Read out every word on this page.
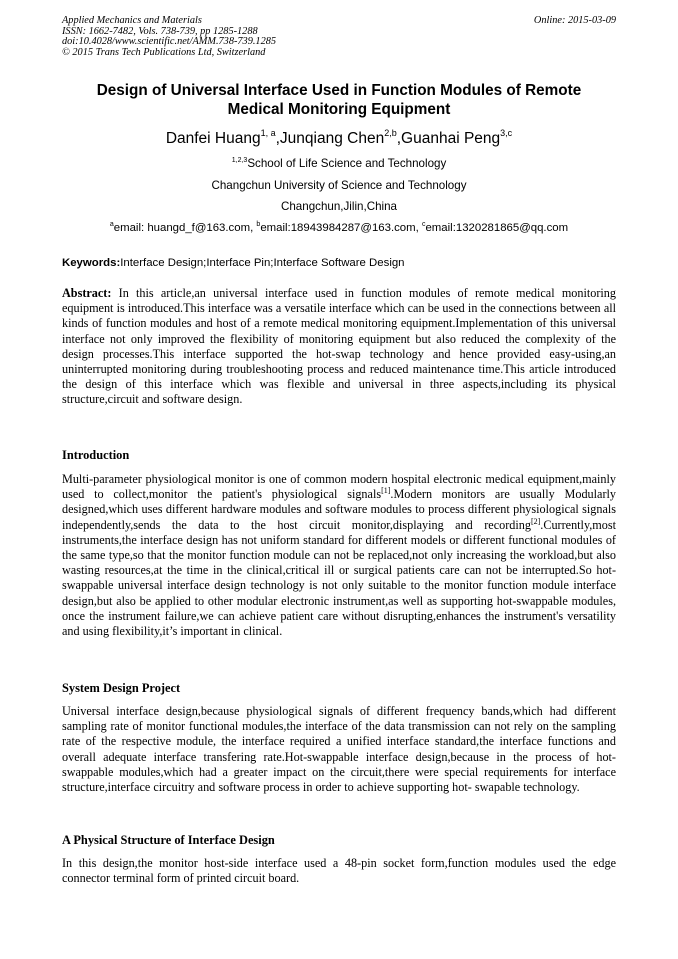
Applied Mechanics and Materials
ISSN: 1662-7482, Vols. 738-739, pp 1285-1288
doi:10.4028/www.scientific.net/AMM.738-739.1285
© 2015 Trans Tech Publications Ltd, Switzerland
Online: 2015-03-09
Design of Universal Interface Used in Function Modules of Remote
Medical Monitoring Equipment
Danfei Huang$^{1, a}$,Junqiang Chen$^{2,b}$,Guanhai Peng$^{3,c}$
$^{1,2,3}$School of Life Science and Technology
Changchun University of Science and Technology
Changchun,Jilin,China
$^a$email: huangd_f@163.com, $^b$email:18943984287@163.com, $^c$email:1320281865@qq.com
Keywords:Interface Design;Interface Pin;Interface Software Design

Abstract: In this article,an universal interface used in function modules of remote medical monitoring equipment is introduced.This interface was a versatile interface which can be used in the connections between all kinds of function modules and host of a remote medical monitoring equipment.Implementation of this universal interface not only improved the flexibility of monitoring equipment but also reduced the complexity of the design processes.This interface supported the hot-swap technology and hence provided easy-using,an uninterrupted monitoring during troubleshooting process and reduced maintenance time.This article introduced the design of this interface which was flexible and universal in three aspects,including its physical structure,circuit and software design.

Introduction

Multi-parameter physiological monitor is one of common modern hospital electronic medical equipment,mainly used to collect,monitor the patient's physiological signals[1].Modern monitors are usually Modularly designed,which uses different hardware modules and software modules to process different physiological signals independently,sends the data to the host circuit monitor,displaying and recording[2].Currently,most instruments,the interface design has not uniform standard for different models or different functional modules of the same type,so that the monitor function module can not be replaced,not only increasing the workload,but also wasting resources,at the time in the clinical,critical ill or surgical patients care can not be interrupted.So hot-swappable universal interface design technology is not only suitable to the monitor function module interface design,but also be applied to other modular electronic instrument,as well as supporting hot-swappable modules, once the instrument failure,we can achieve patient care without disrupting,enhances the instrument's versatility and using flexibility,it’s important in clinical.

System Design Project

Universal interface design,because physiological signals of different frequency bands,which had different sampling rate of monitor functional modules,the interface of the data transmission can not rely on the sampling rate of the respective module, the interface required a unified interface standard,the interface functions and overall adequate interface transfering rate.Hot-swappable interface design,because in the process of hot-swappable modules,which had a greater impact on the circuit,there were special requirements for interface structure,interface circuitry and software process in order to achieve supporting hot- swapable technology.

A Physical Structure of Interface Design

In this design,the monitor host-side interface used a 48-pin socket form,function modules used the edge connector terminal form of printed circuit board.
